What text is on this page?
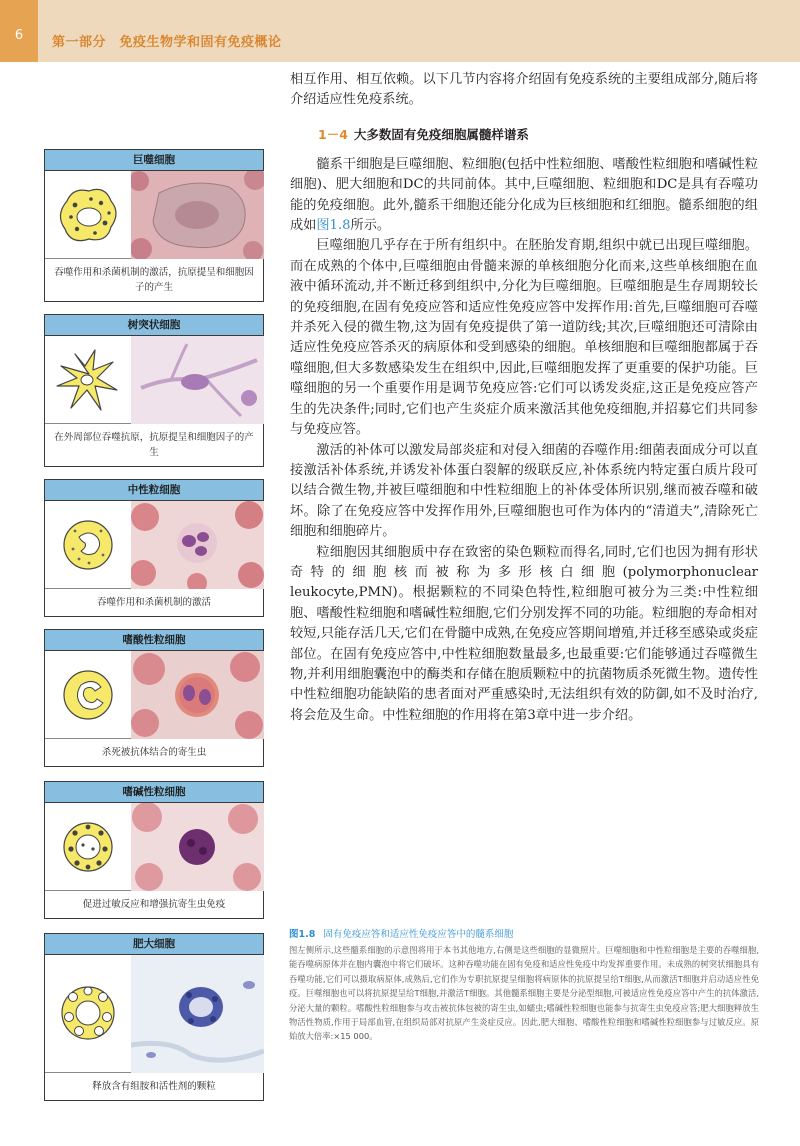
6	第一部分　免疫生物学和固有免疫概论
巨噬细胞
吞噬作用和杀菌机制的激活，抗原提呈和细胞因子的产生
树突状细胞
在外周部位吞噬抗原，抗原提呈和细胞因子的产生
中性粒细胞
吞噬作用和杀菌机制的激活
嗜酸性粒细胞
杀死被抗体结合的寄生虫
嗜碱性粒细胞
促进过敏反应和增强抗寄生虫免疫
肥大细胞
释放含有组胺和活性剂的颗粒

相互作用、相互依赖。以下几节内容将介绍固有免疫系统的主要组成部分,随后将介绍适应性免疫系统。

1－4 大多数固有免疫细胞属髓样谱系

髓系干细胞是巨噬细胞、粒细胞(包括中性粒细胞、嗜酸性粒细胞和嗜碱性粒细胞)、肥大细胞和DC的共同前体。其中,巨噬细胞、粒细胞和DC是具有吞噬功能的免疫细胞。此外,髓系干细胞还能分化成为巨核细胞和红细胞。髓系细胞的组成如图1.8所示。

巨噬细胞几乎存在于所有组织中。在胚胎发育期,组织中就已出现巨噬细胞。而在成熟的个体中,巨噬细胞由骨髓来源的单核细胞分化而来,这些单核细胞在血液中循环流动,并不断迁移到组织中,分化为巨噬细胞。巨噬细胞是生存周期较长的免疫细胞,在固有免疫应答和适应性免疫应答中发挥作用:首先,巨噬细胞可吞噬并杀死入侵的微生物,这为固有免疫提供了第一道防线;其次,巨噬细胞还可清除由适应性免疫应答杀灭的病原体和受到感染的细胞。单核细胞和巨噬细胞都属于吞噬细胞,但大多数感染发生在组织中,因此,巨噬细胞发挥了更重要的保护功能。巨噬细胞的另一个重要作用是调节免疫应答:它们可以诱发炎症,这正是免疫应答产生的先决条件;同时,它们也产生炎症介质来激活其他免疫细胞,并招募它们共同参与免疫应答。

激活的补体可以激发局部炎症和对侵入细菌的吞噬作用:细菌表面成分可以直接激活补体系统,并诱发补体蛋白裂解的级联反应,补体系统内特定蛋白质片段可以结合微生物,并被巨噬细胞和中性粒细胞上的补体受体所识别,继而被吞噬和破坏。除了在免疫应答中发挥作用外,巨噬细胞也可作为体内的“清道夫”,清除死亡细胞和细胞碎片。

粒细胞因其细胞质中存在致密的染色颗粒而得名,同时,它们也因为拥有形状奇特的细胞核而被称为多形核白细胞(polymorphonuclear leukocyte,PMN)。根据颗粒的不同染色特性,粒细胞可被分为三类:中性粒细胞、嗜酸性粒细胞和嗜碱性粒细胞,它们分别发挥不同的功能。粒细胞的寿命相对较短,只能存活几天,它们在骨髓中成熟,在免疫应答期间增殖,并迁移至感染或炎症部位。在固有免疫应答中,中性粒细胞数量最多,也最重要:它们能够通过吞噬微生物,并利用细胞囊泡中的酶类和存储在胞质颗粒中的抗菌物质杀死微生物。遗传性中性粒细胞功能缺陷的患者面对严重感染时,无法组织有效的防御,如不及时治疗,将会危及生命。中性粒细胞的作用将在第3章中进一步介绍。

图1.8 固有免疫应答和适应性免疫应答中的髓系细胞
图左侧所示,这些髓系细胞的示意图将用于本书其他地方,右侧是这些细胞的显微照片。巨噬细胞和中性粒细胞是主要的吞噬细胞,能吞噬病原体并在胞内囊泡中将它们破坏。这种吞噬功能在固有免疫和适应性免疫中均发挥重要作用。未成熟的树突状细胞具有吞噬功能,它们可以摄取病原体,成熟后,它们作为专职抗原提呈细胞将病原体的抗原提呈给T细胞,从而激活T细胞并启动适应性免疫。巨噬细胞也可以将抗原提呈给T细胞,并激活T细胞。其他髓系细胞主要是分泌型细胞,可被适应性免疫应答中产生的抗体激活,分泌大量的颗粒。嗜酸性粒细胞参与攻击被抗体包被的寄生虫,如蠕虫;嗜碱性粒细胞也能参与抗寄生虫免疫应答;肥大细胞释放生物活性物质,作用于局部血管,在组织局部对抗原产生炎症反应。因此,肥大细胞、嗜酸性粒细胞和嗜碱性粒细胞参与过敏反应。原始放大倍率:×15 000。
